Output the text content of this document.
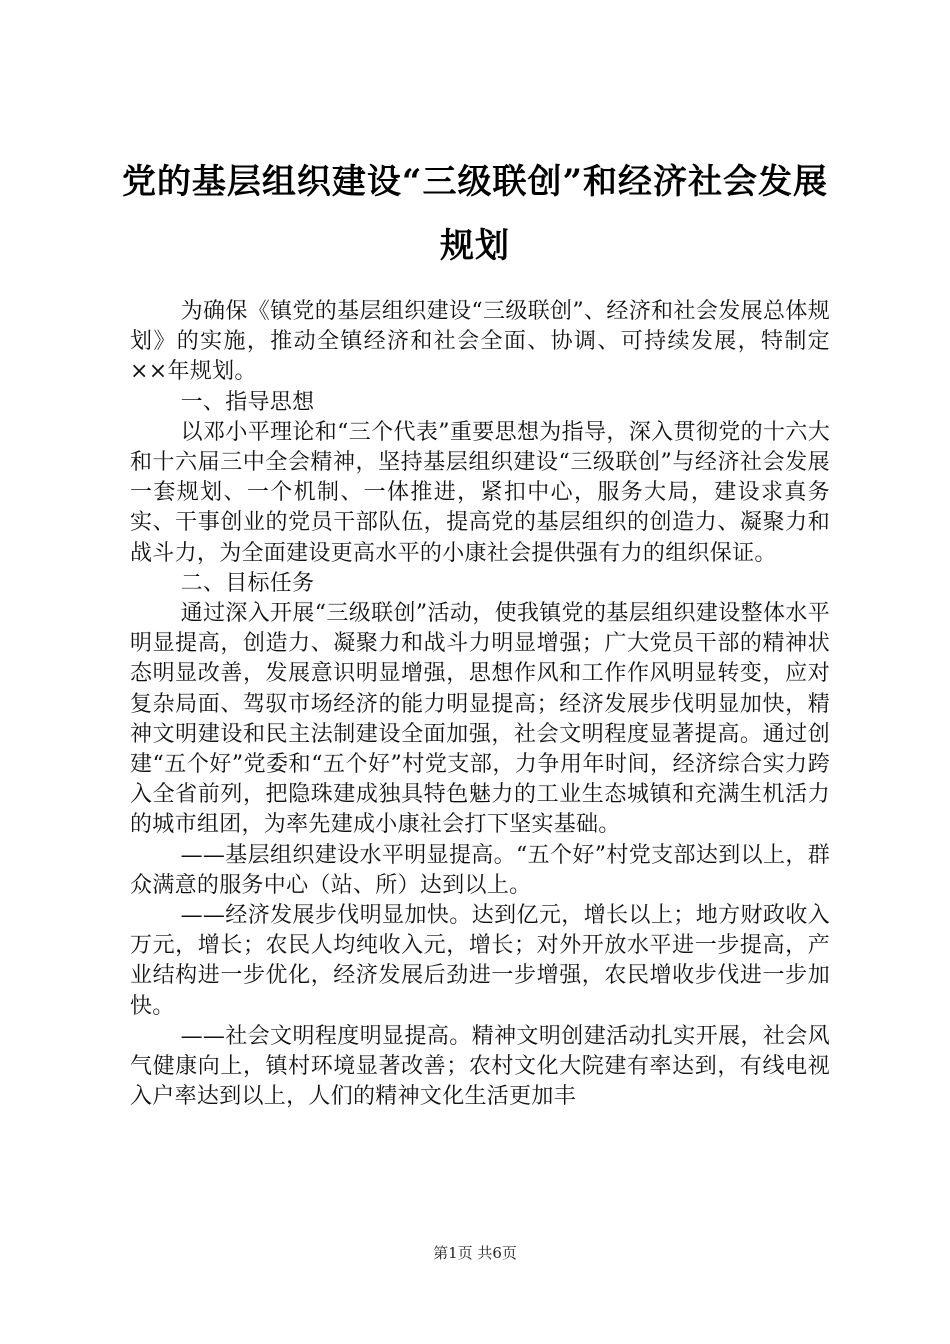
党的基层组织建设“三级联创”和经济社会发展规划

为确保《镇党的基层组织建设“三级联创”、经济和社会发展总体规划》的实施，推动全镇经济和社会全面、协调、可持续发展，特制定××年规划。

一、指导思想

以邓小平理论和“三个代表”重要思想为指导，深入贯彻党的十六大和十六届三中全会精神，坚持基层组织建设“三级联创”与经济社会发展一套规划、一个机制、一体推进，紧扣中心，服务大局，建设求真务实、干事创业的党员干部队伍，提高党的基层组织的创造力、凝聚力和战斗力，为全面建设更高水平的小康社会提供强有力的组织保证。

二、目标任务

通过深入开展“三级联创”活动，使我镇党的基层组织建设整体水平明显提高，创造力、凝聚力和战斗力明显增强；广大党员干部的精神状态明显改善，发展意识明显增强，思想作风和工作作风明显转变，应对复杂局面、驾驭市场经济的能力明显提高；经济发展步伐明显加快，精神文明建设和民主法制建设全面加强，社会文明程度显著提高。通过创建“五个好”党委和“五个好”村党支部，力争用年时间，经济综合实力跨入全省前列，把隐珠建成独具特色魅力的工业生态城镇和充满生机活力的城市组团，为率先建成小康社会打下坚实基础。

——基层组织建设水平明显提高。“五个好”村党支部达到以上，群众满意的服务中心（站、所）达到以上。

——经济发展步伐明显加快。达到亿元，增长以上；地方财政收入万元，增长；农民人均纯收入元，增长；对外开放水平进一步提高，产业结构进一步优化，经济发展后劲进一步增强，农民增收步伐进一步加快。

——社会文明程度明显提高。精神文明创建活动扎实开展，社会风气健康向上，镇村环境显著改善；农村文化大院建有率达到，有线电视入户率达到以上，人们的精神文化生活更加丰

第1页 共6页
